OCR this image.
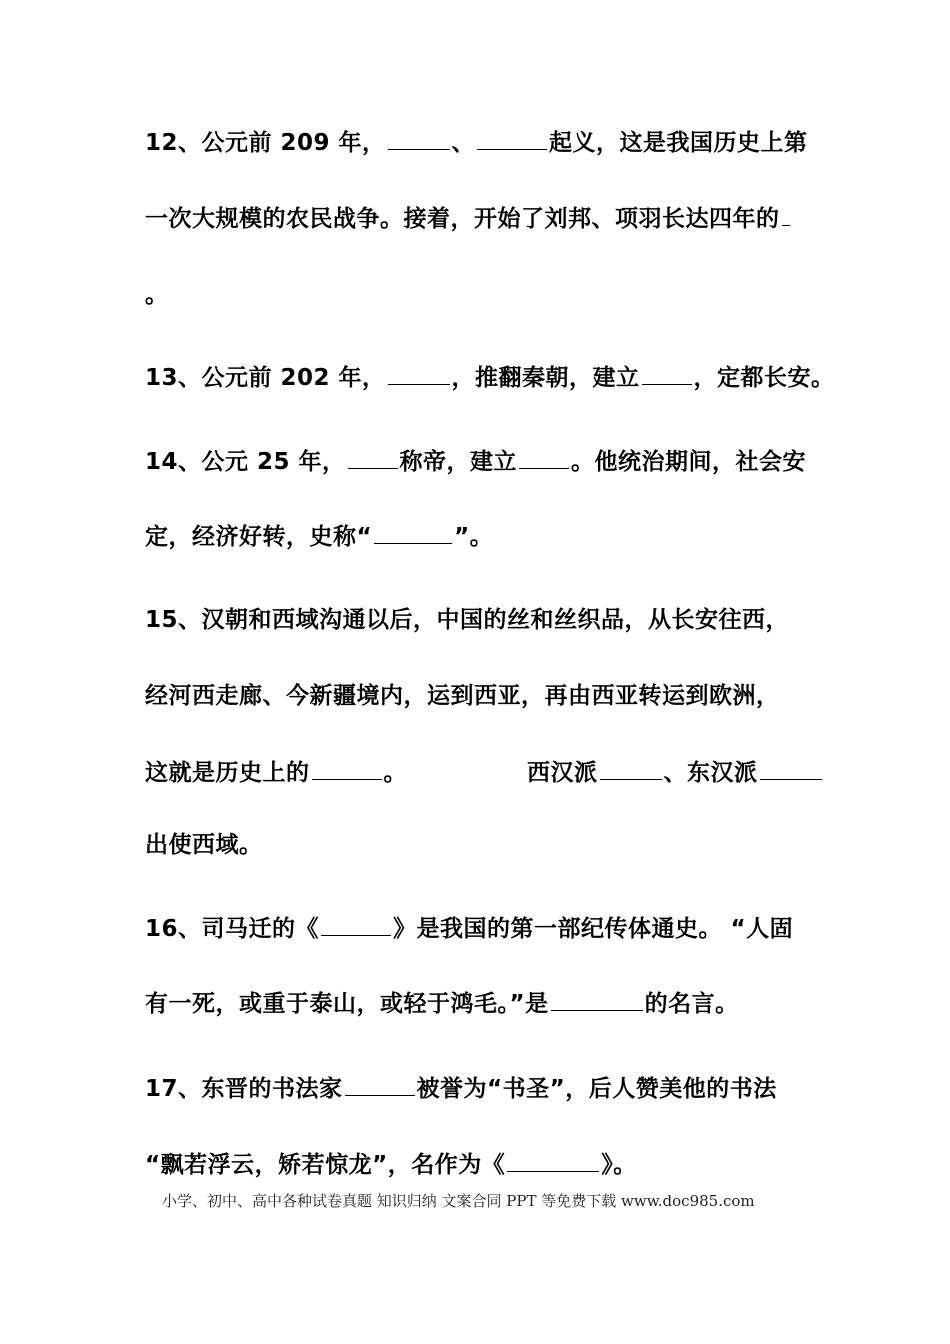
12、公元前 209 年，	、	起义，这是我国历史上第
一次大规模的农民战争。接着，开始了刘邦、项羽长达四年的
。
13、公元前 202 年，	，推翻秦朝，建立 ，定都长安。
14、公元 25 年， 称帝，建立 。他统治期间，社会安
定，经济好转，史称“	”。
15、汉朝和西域沟通以后，中国的丝和丝织品，从长安往西，
经河西走廊、今新疆境内，运到西亚，再由西亚转运到欧洲，
这就是历史上的	。	西汉派	、东汉派
出使西域。
16、司马迁的《	》是我国的第一部纪传体通史。 “人固
有一死，或重于泰山，或轻于鸿毛。”是	的名言。
17、东晋的书法家	被誉为“书圣”，后人赞美他的书法
“飘若浮云，矫若惊龙”，名作为《	》。
小学、初中、高中各种试卷真题 知识归纳 文案合同 PPT 等免费下载 www.doc985.com
